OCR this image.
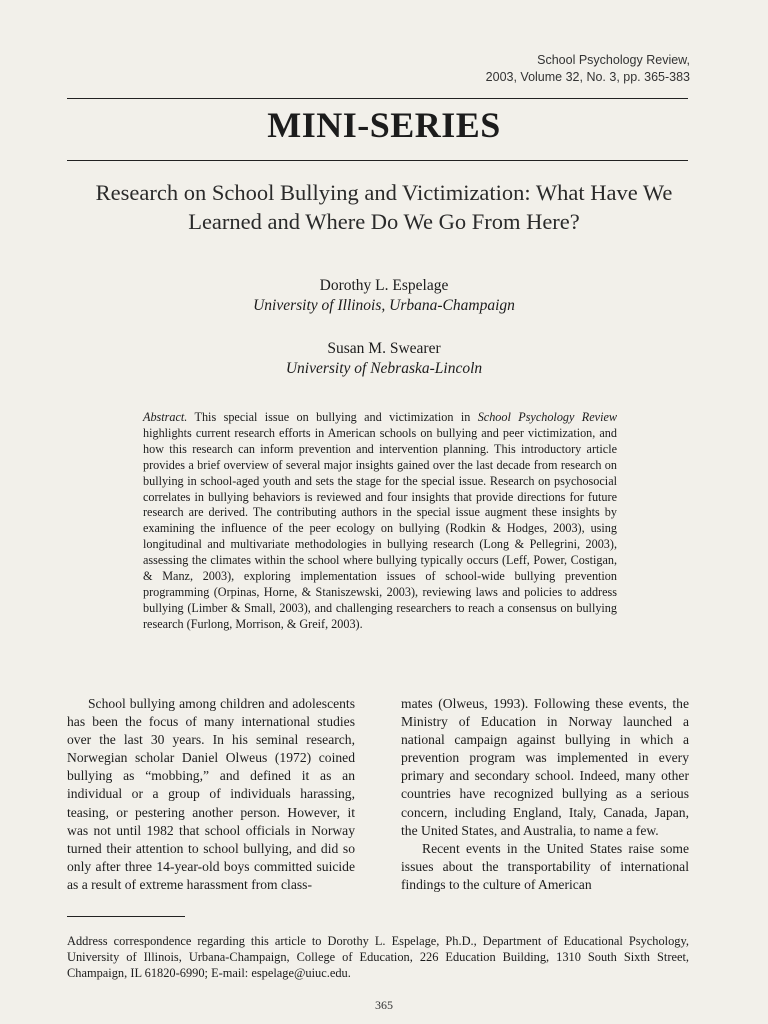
School Psychology Review,
2003, Volume 32, No. 3, pp. 365-383
MINI-SERIES
Research on School Bullying and Victimization: What Have We Learned and Where Do We Go From Here?
Dorothy L. Espelage
University of Illinois, Urbana-Champaign
Susan M. Swearer
University of Nebraska-Lincoln
Abstract. This special issue on bullying and victimization in School Psychology Review highlights current research efforts in American schools on bullying and peer victimization, and how this research can inform prevention and intervention planning. This introductory article provides a brief overview of several major insights gained over the last decade from research on bullying in school-aged youth and sets the stage for the special issue. Research on psychosocial correlates in bullying behaviors is reviewed and four insights that provide directions for future research are derived. The contributing authors in the special issue augment these insights by examining the influence of the peer ecology on bullying (Rodkin & Hodges, 2003), using longitudinal and multivariate methodologies in bullying research (Long & Pellegrini, 2003), assessing the climates within the school where bullying typically occurs (Leff, Power, Costigan, & Manz, 2003), exploring implementation issues of school-wide bullying prevention programming (Orpinas, Horne, & Staniszewski, 2003), reviewing laws and policies to address bullying (Limber & Small, 2003), and challenging researchers to reach a consensus on bullying research (Furlong, Morrison, & Greif, 2003).

School bullying among children and adolescents has been the focus of many international studies over the last 30 years. In his seminal research, Norwegian scholar Daniel Olweus (1972) coined bullying as “mobbing,” and defined it as an individual or a group of individuals harassing, teasing, or pestering another person. However, it was not until 1982 that school officials in Norway turned their attention to school bullying, and did so only after three 14-year-old boys committed suicide as a result of extreme harassment from class-

mates (Olweus, 1993). Following these events, the Ministry of Education in Norway launched a national campaign against bullying in which a prevention program was implemented in every primary and secondary school. Indeed, many other countries have recognized bullying as a serious concern, including England, Italy, Canada, Japan, the United States, and Australia, to name a few.

Recent events in the United States raise some issues about the transportability of international findings to the culture of American

Address correspondence regarding this article to Dorothy L. Espelage, Ph.D., Department of Educational Psychology, University of Illinois, Urbana-Champaign, College of Education, 226 Education Building, 1310 South Sixth Street, Champaign, IL 61820-6990; E-mail: espelage@uiuc.edu.
365
